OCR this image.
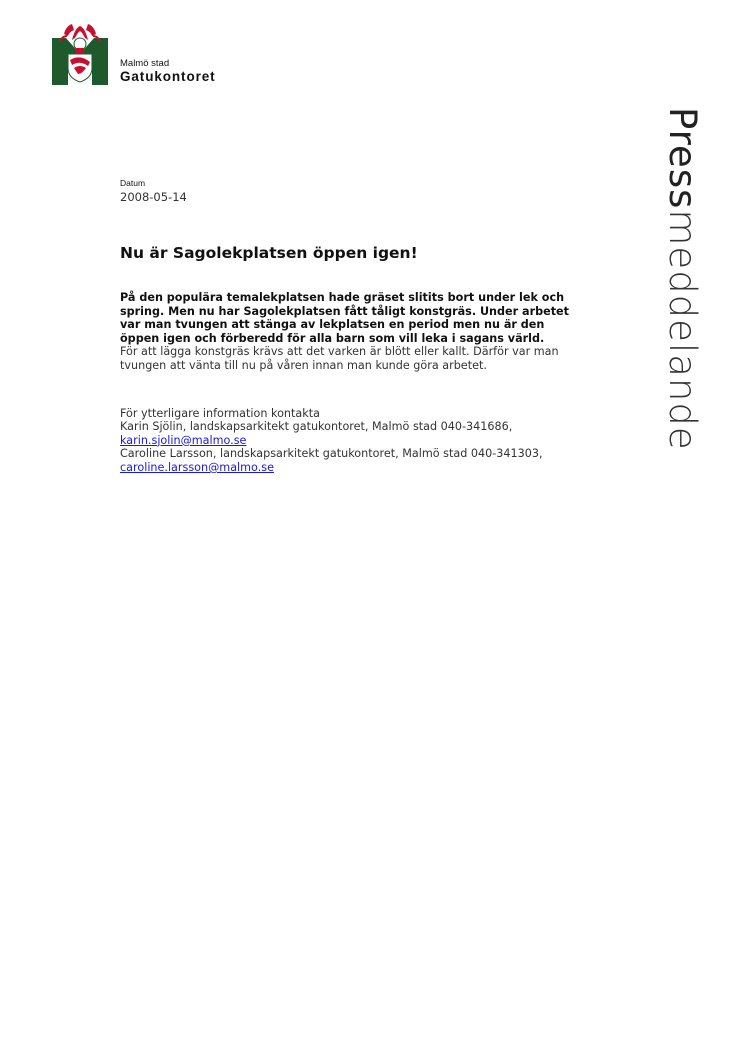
Malmö stad
Gatukontoret
Pressmeddelande
Datum
2008-05-14
Nu är Sagolekplatsen öppen igen!

På den populära temalekplatsen hade gräset slitits bort under lek och spring. Men nu har Sagolekplatsen fått tåligt konstgräs. Under arbetet var man tvungen att stänga av lekplatsen en period men nu är den öppen igen och förberedd för alla barn som vill leka i sagans värld.

För att lägga konstgräs krävs att det varken är blött eller kallt. Därför var man tvungen att vänta till nu på våren innan man kunde göra arbetet.

För ytterligare information kontakta
Karin Sjölin, landskapsarkitekt gatukontoret, Malmö stad 040-341686,
karin.sjolin@malmo.se
Caroline Larsson, landskapsarkitekt gatukontoret, Malmö stad 040-341303,
caroline.larsson@malmo.se
